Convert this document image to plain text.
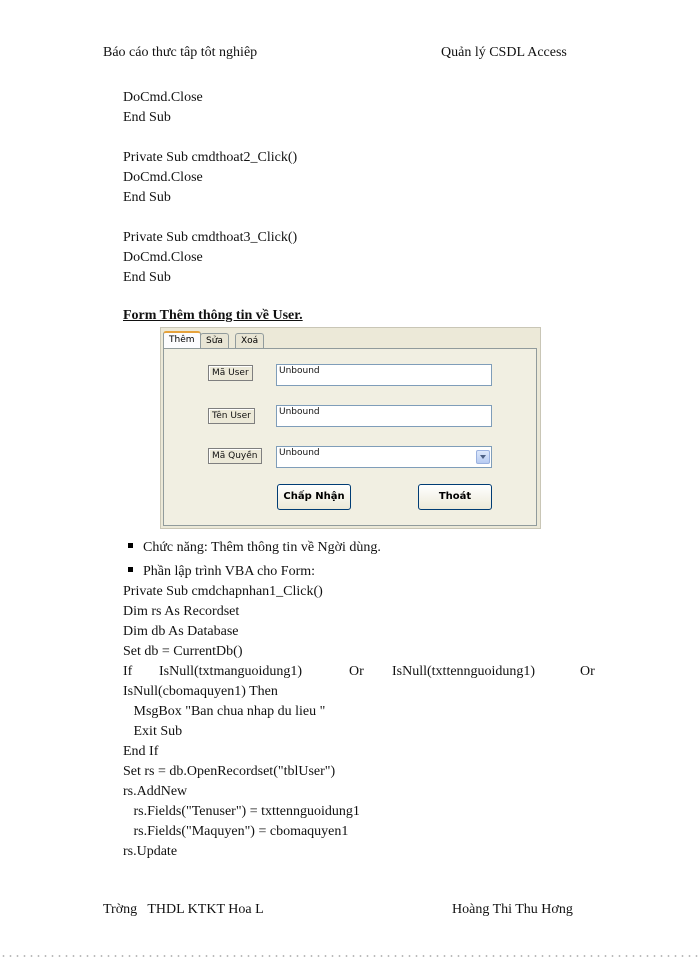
Báo cáo thưc tâp tôt nghiêp	Quản lý CSDL Access
DoCmd.Close
End Sub
Private Sub cmdthoat2_Click()
DoCmd.Close
End Sub
Private Sub cmdthoat3_Click()
DoCmd.Close
End Sub
Form Thêm thông tin về User.
Thêm	Sửa	Xoá
Mã User	Unbound
Tên User	Unbound
Mã Quyền	Unbound
Chấp Nhận	Thoát
Chức năng: Thêm thông tin về Ngời dùng.
Phần lập trình VBA cho Form:
Private Sub cmdchapnhan1_Click()
Dim rs As Recordset
Dim db As Database
Set db = CurrentDb()
If IsNull(txtmanguoidung1)	Or IsNull(txttennguoidung1)	Or
IsNull(cbomaquyen1) Then
MsgBox "Ban chua nhap du lieu "
Exit Sub
End If
Set rs = db.OpenRecordset("tblUser")
rs.AddNew
rs.Fields("Tenuser") = txttennguoidung1
rs.Fields("Maquyen") = cbomaquyen1
rs.Update
Trờng   THDL KTKT Hoa L	Hoàng Thi Thu Hơng
